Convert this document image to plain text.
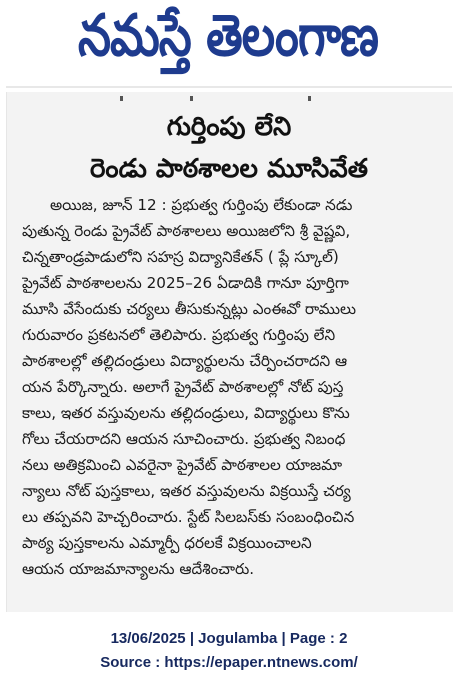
నమస్తే తెలంగాణ
గుర్తింపు లేని
రెండు పాఠశాలల మూసివేత
అయిజ, జూన్ 12 : ప్రభుత్వ గుర్తింపు లేకుండా నడు
పుతున్న రెండు ప్రైవేట్ పాఠశాలలు అయిజలోని శ్రీ వైష్ణవి,
చిన్నతాండ్రపాడులోని సహస్ర విద్యానికేతన్ ( ప్లే స్కూల్)
ప్రైవేట్ పాఠశాలలను 2025–26 ఏడాదికి గానూ పూర్తిగా
మూసి వేసేందుకు చర్యలు తీసుకున్నట్లు ఎంఈవో రాములు
గురువారం ప్రకటనలో తెలిపారు. ప్రభుత్వ గుర్తింపు లేని
పాఠశాలల్లో తల్లిదండ్రులు విద్యార్థులను చేర్పించరాదని ఆ
యన పేర్కొన్నారు. అలాగే ప్రైవేట్ పాఠశాలల్లో నోట్ పుస్త
కాలు, ఇతర వస్తువులను తల్లిదండ్రులు, విద్యార్థులు కొను
గోలు చేయరాదని ఆయన సూచించారు. ప్రభుత్వ నిబంధ
నలు అతిక్రమించి ఎవరైనా ప్రైవేట్ పాఠశాలల యాజమా
న్యాలు నోట్ పుస్తకాలు, ఇతర వస్తువులను విక్రయిస్తే చర్య
లు తప్పవని హెచ్చరించారు. స్టేట్ సిలబస్‌కు సంబంధించిన
పాఠ్య పుస్తకాలను ఎమ్మార్పీ ధరలకే విక్రయించాలని
ఆయన యాజమాన్యాలను ఆదేశించారు.
13/06/2025 | Jogulamba | Page : 2
Source : https://epaper.ntnews.com/
